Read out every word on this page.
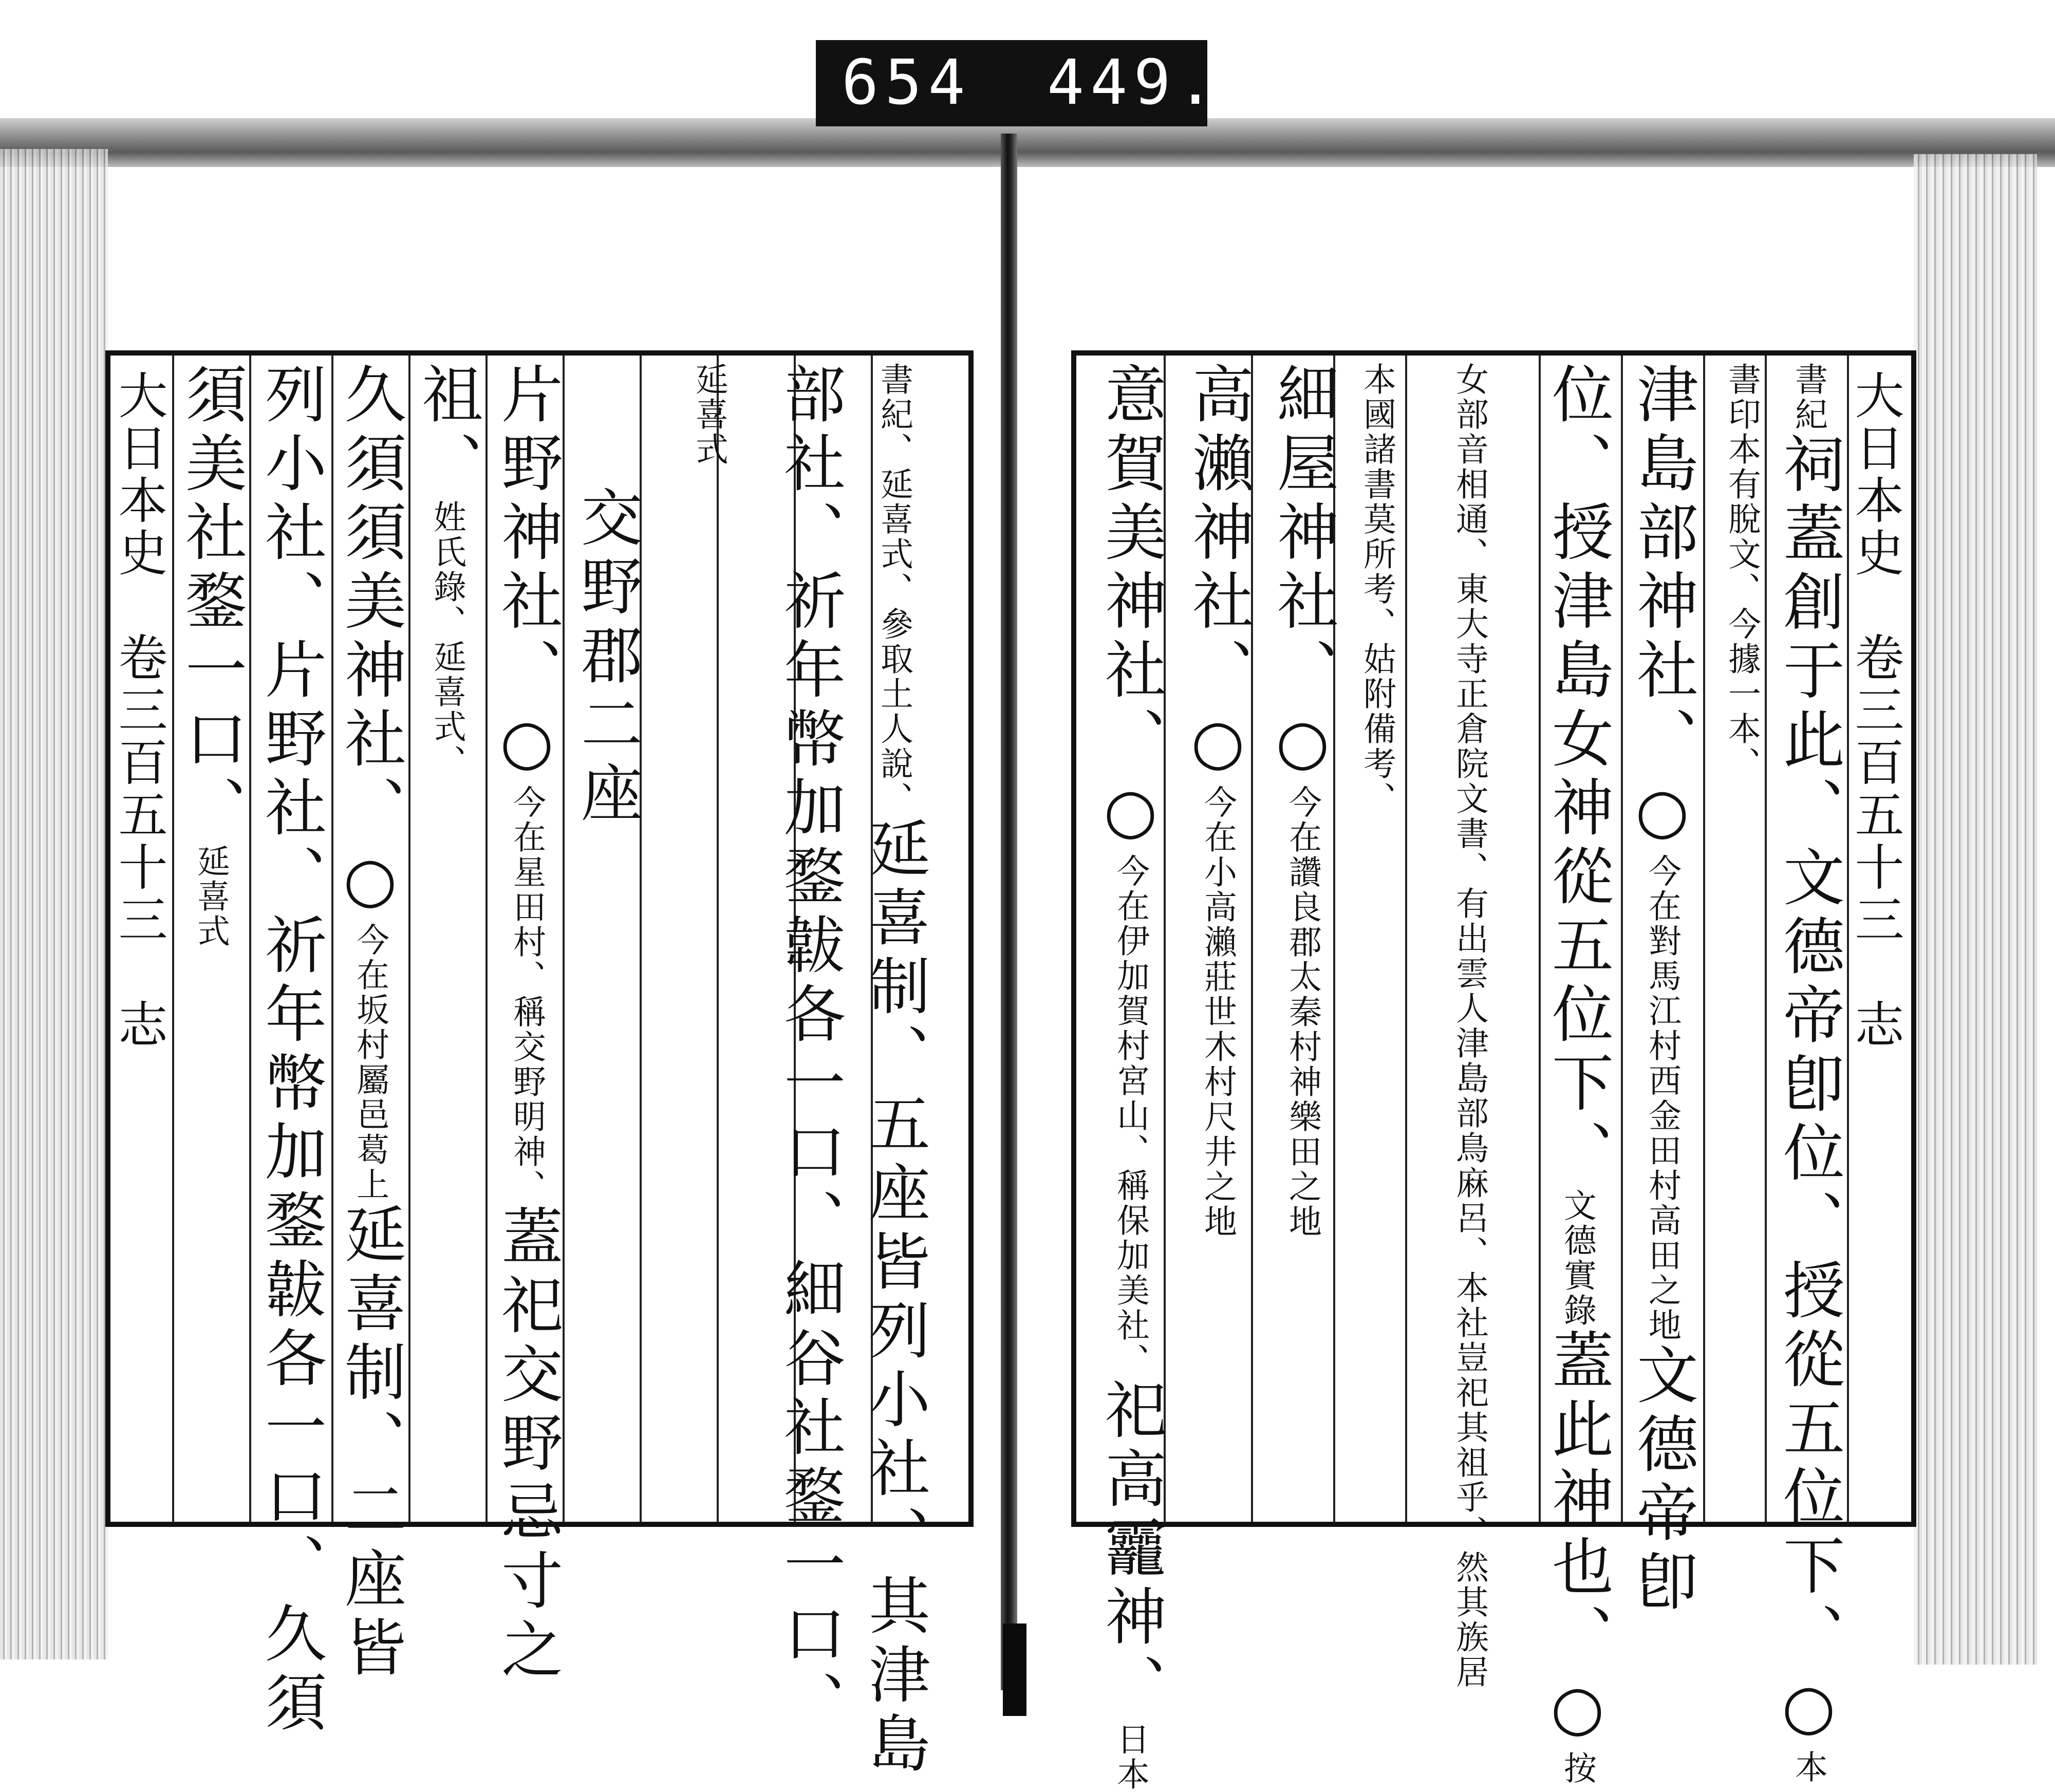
654 449.
大日本史　卷三百五十三　志 須美社鍪一口、延喜式 列小社、片野社、祈年幣加鍪韍各一口、久須 久須須美神社、○今在坂村屬邑葛上延喜制、二座皆
祖、姓氏錄、延喜式、 片野神社、○今在星田村、稱交野明神、蓋祀交野忌寸之
交野郡二座
延喜式 部社、祈年幣加鍪韍各一口、細谷社鍪一口、 書紀、延喜式、參取土人說、延喜制、五座皆列小社、其津島
大日本史　卷三百五十三　志
意賀美神社、○今在伊加賀村宮山、稱保加美社、祀高龗神、日本
高瀨神社、○今在小高瀨莊世木村尺井之地
細屋神社、○今在讚良郡太秦村神樂田之地
本國諸書莫所考、姑附備考、	女部音相通、東大寺正倉院文書、有出雲人津島部鳥麻呂、本社豈祀其祖乎、然其族居 位、授津島女神從五位下、文德實錄蓋此神也、○按
津島部神社、○今在對馬江村西金田村高田之地文德帝卽
書印本有脫文、今據一本、 書紀祠蓋創于此、文德帝卽位、授從五位下、○本
